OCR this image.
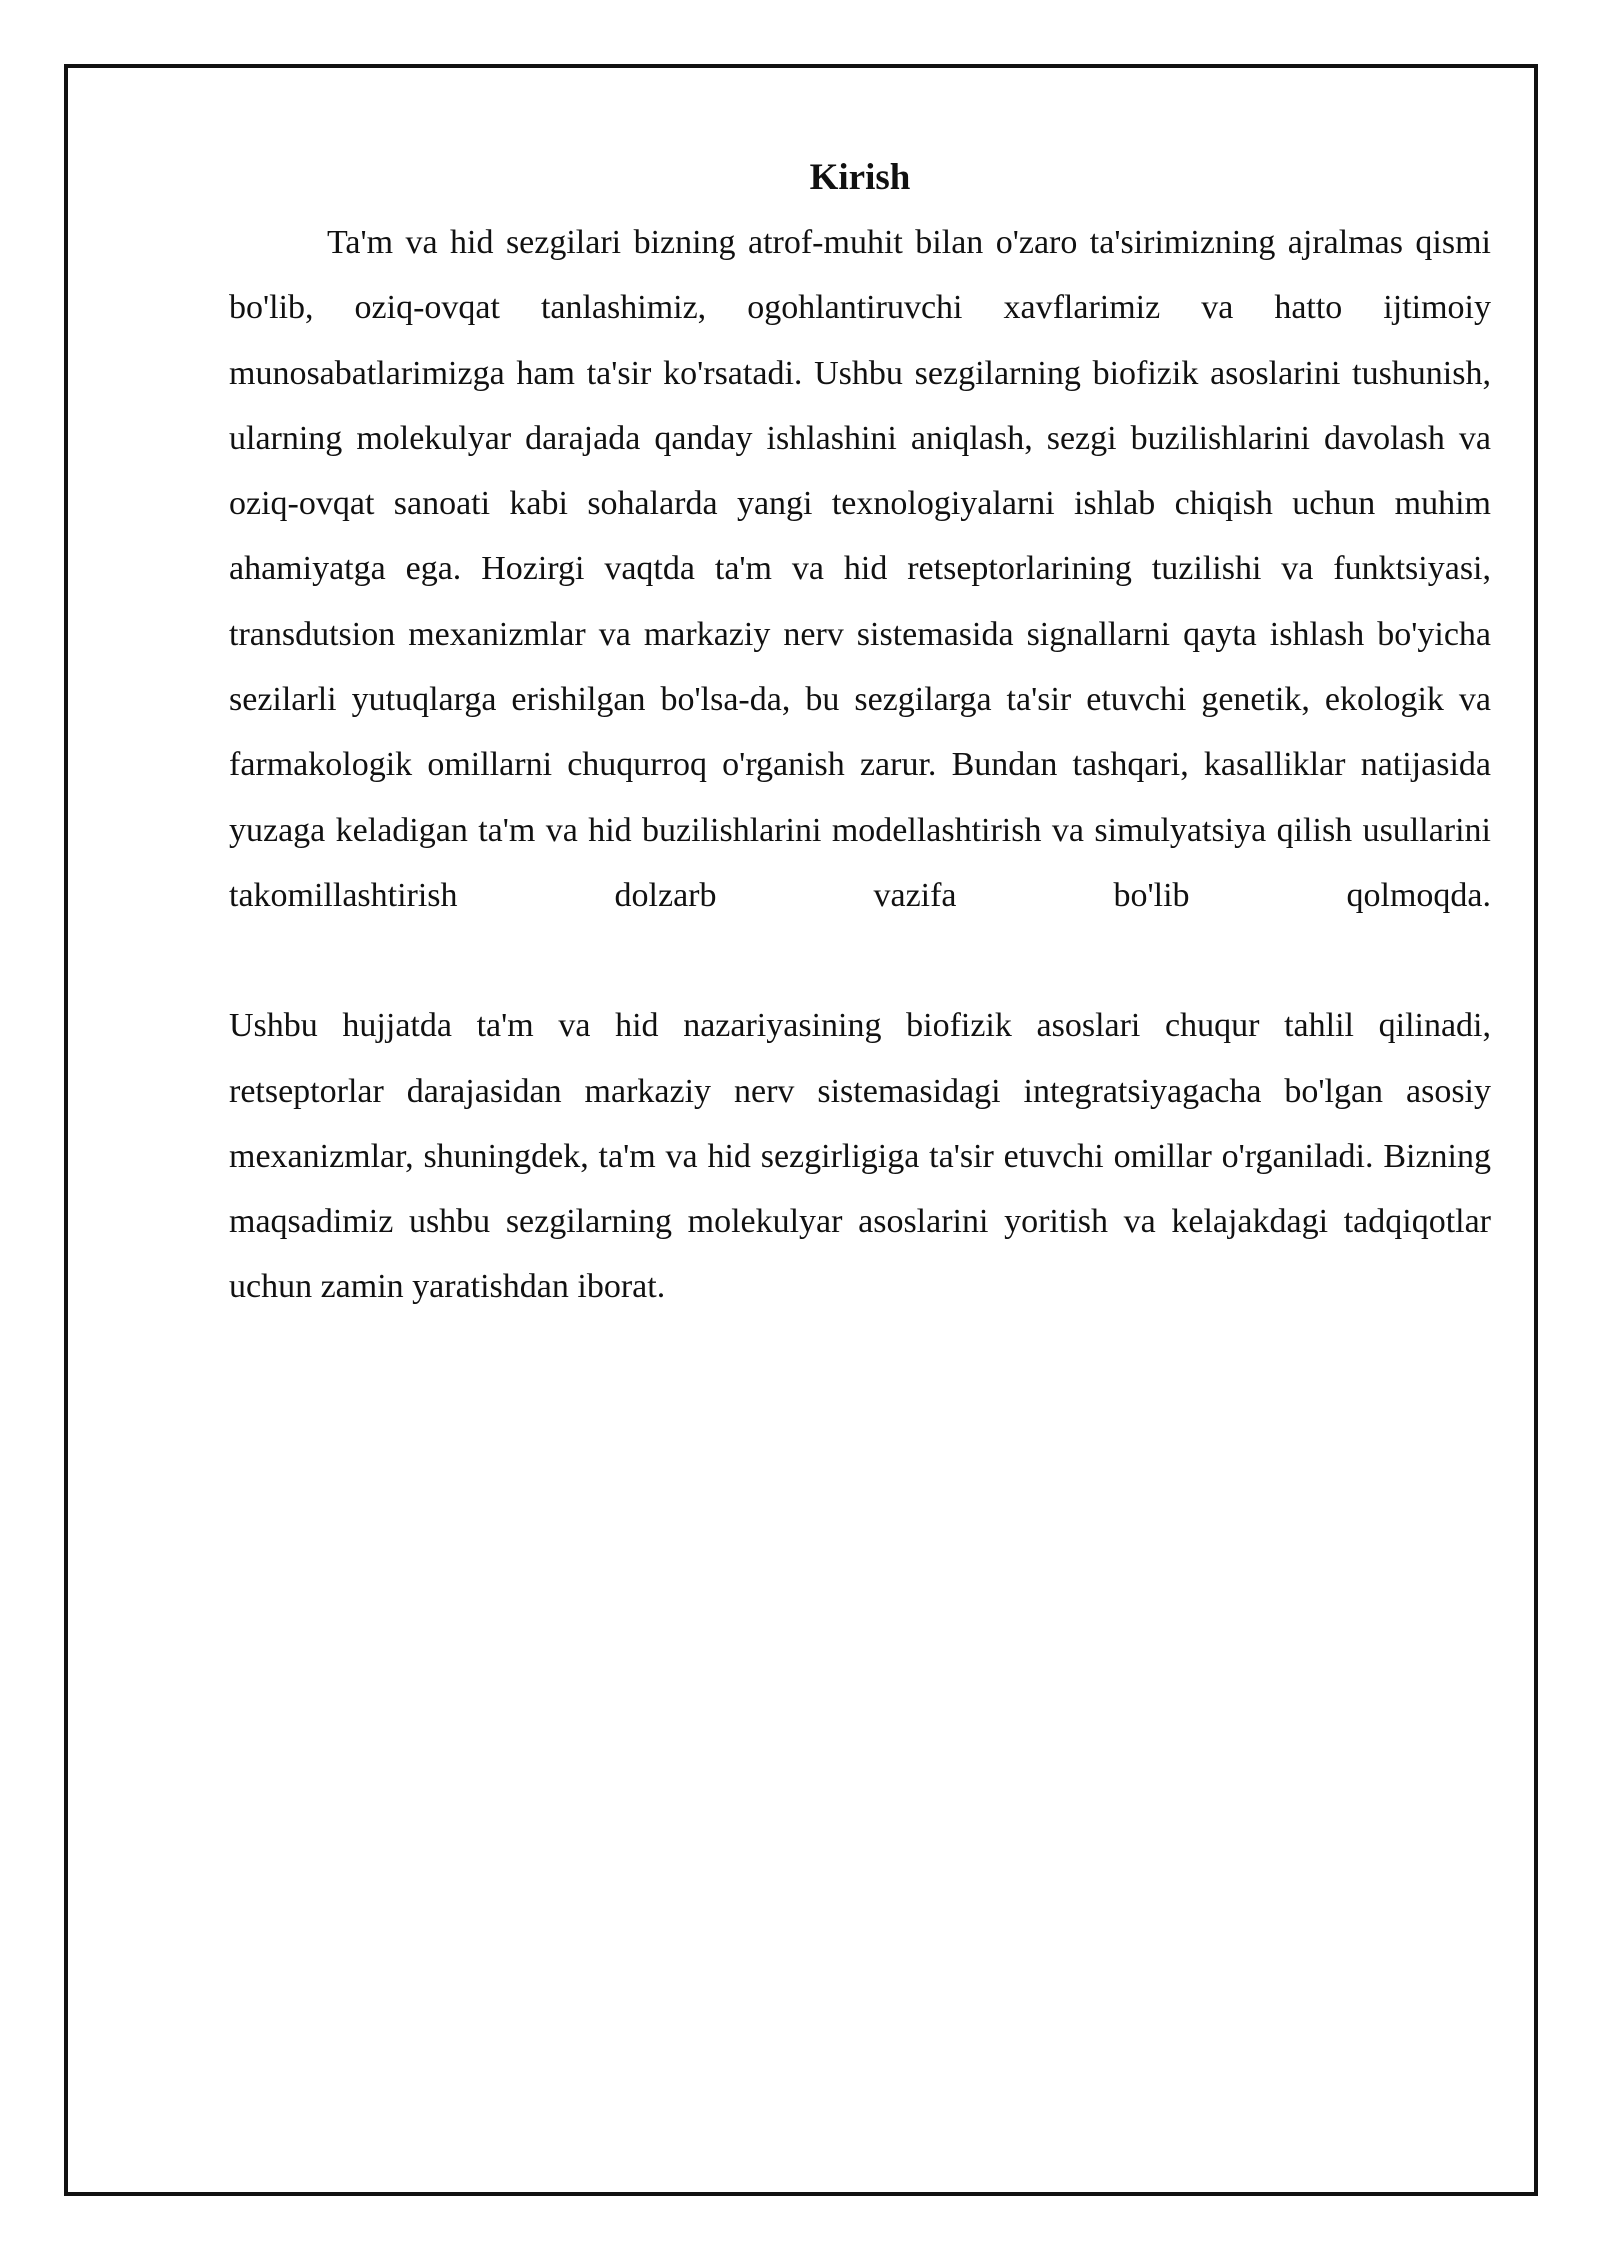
Kirish

Ta'm va hid sezgilari bizning atrof-muhit bilan o'zaro ta'sirimizning ajralmas qismi bo'lib, oziq-ovqat tanlashimiz, ogohlantiruvchi xavflarimiz va hatto ijtimoiy munosabatlarimizga ham ta'sir ko'rsatadi. Ushbu sezgilarning biofizik asoslarini tushunish, ularning molekulyar darajada qanday ishlashini aniqlash, sezgi buzilishlarini davolash va oziq-ovqat sanoati kabi sohalarda yangi texnologiyalarni ishlab chiqish uchun muhim ahamiyatga ega. Hozirgi vaqtda ta'm va hid retseptorlarining tuzilishi va funktsiyasi, transdutsion mexanizmlar va markaziy nerv sistemasida signallarni qayta ishlash bo'yicha sezilarli yutuqlarga erishilgan bo'lsa-da, bu sezgilarga ta'sir etuvchi genetik, ekologik va farmakologik omillarni chuqurroq o'rganish zarur. Bundan tashqari, kasalliklar natijasida yuzaga keladigan ta'm va hid buzilishlarini modellashtirish va simulyatsiya qilish usullarini takomillashtirish dolzarb vazifa bo'lib qolmoqda.

Ushbu hujjatda ta'm va hid nazariyasining biofizik asoslari chuqur tahlil qilinadi, retseptorlar darajasidan markaziy nerv sistemasidagi integratsiyagacha bo'lgan asosiy mexanizmlar, shuningdek, ta'm va hid sezgirligiga ta'sir etuvchi omillar o'rganiladi. Bizning maqsadimiz ushbu sezgilarning molekulyar asoslarini yoritish va kelajakdagi tadqiqotlar uchun zamin yaratishdan iborat.
